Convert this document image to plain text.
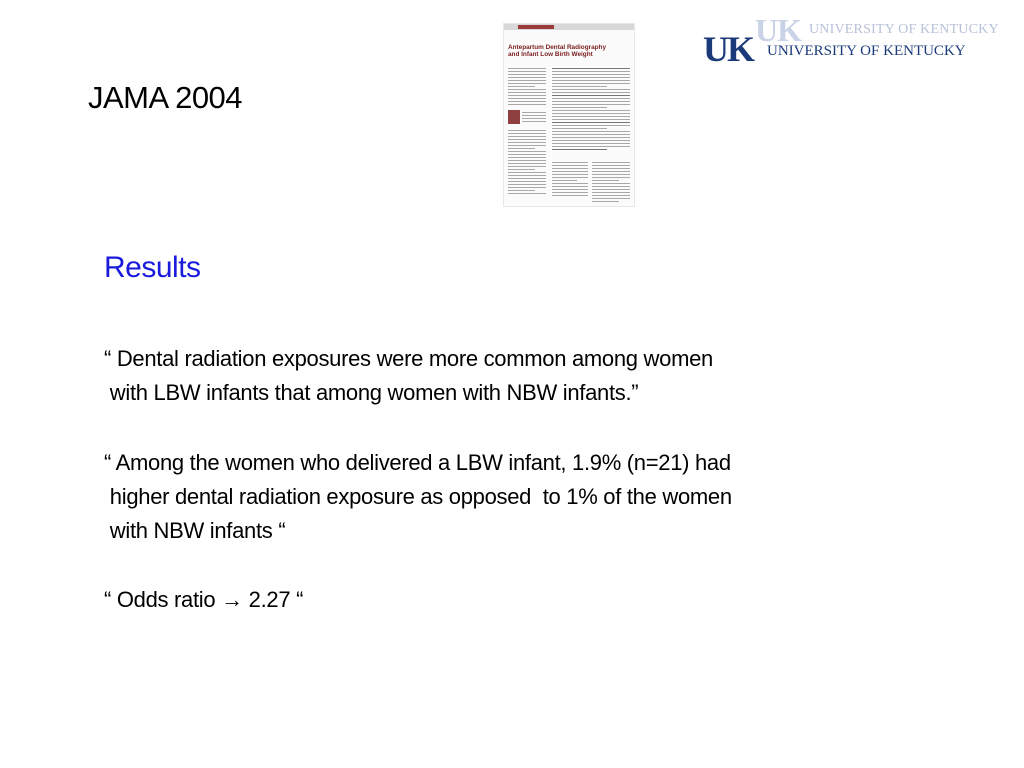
JAMA 2004
Antepartum Dental Radiography
and Infant Low Birth Weight
UK UNIVERSITY OF KENTUCKY
UK UNIVERSITY OF KENTUCKY
Results

“ Dental radiation exposures were more common among women
with LBW infants that among women with NBW infants.”

“ Among the women who delivered a LBW infant, 1.9% (n=21) had
higher dental radiation exposure as opposed  to 1% of the women
with NBW infants “

“ Odds ratio → 2.27 “
